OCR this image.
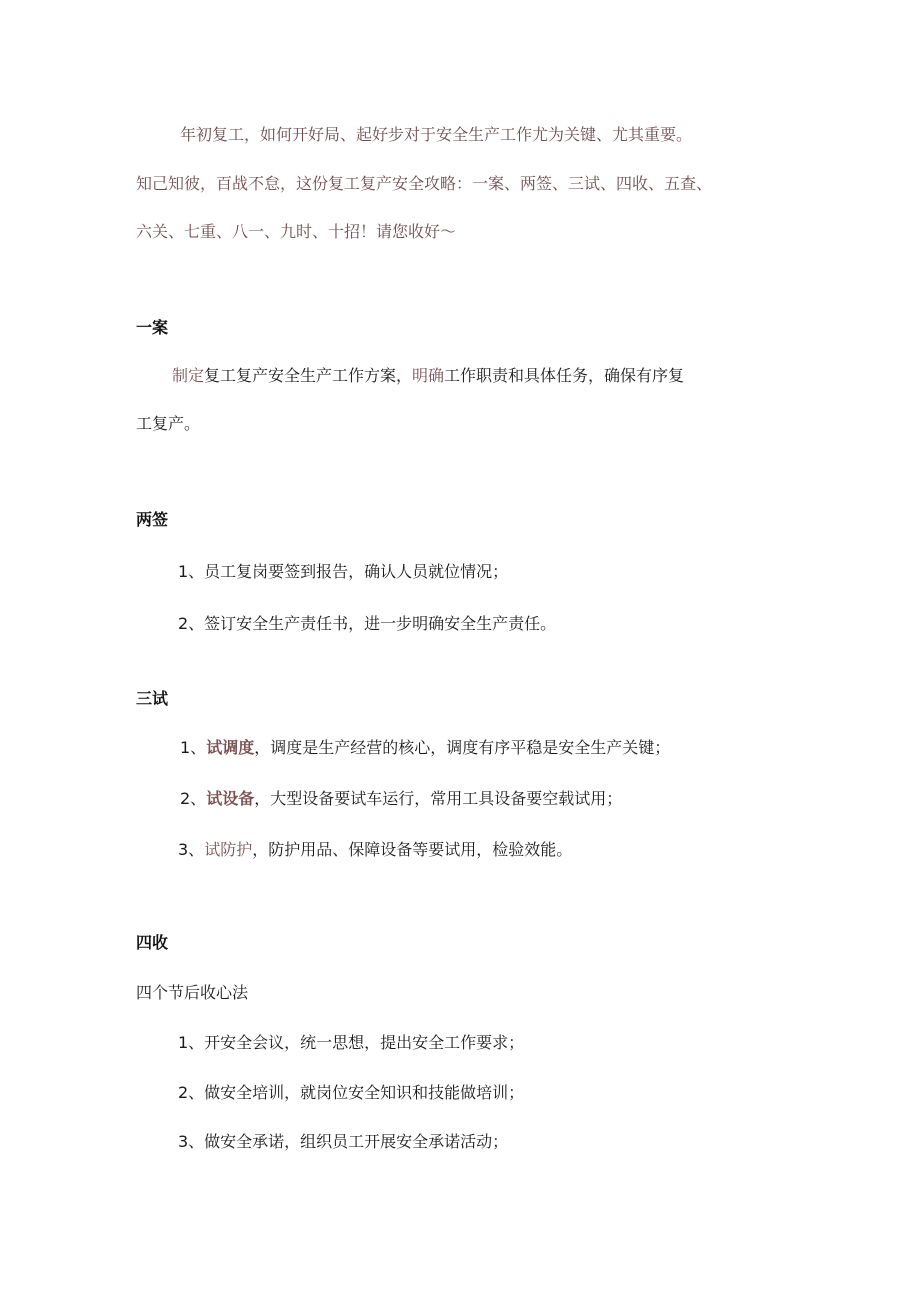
年初复工，如何开好局、起好步对于安全生产工作尤为关键、尤其重要。
知己知彼，百战不怠，这份复工复产安全攻略：一案、两签、三试、四收、五查、
六关、七重、八一、九时、十招！请您收好～
一案
制定复工复产安全生产工作方案，明确工作职责和具体任务，确保有序复
工复产。
两签
1、员工复岗要签到报告，确认人员就位情况；
2、签订安全生产责任书，进一步明确安全生产责任。
三试
1、试调度，调度是生产经营的核心，调度有序平稳是安全生产关键；
2、试设备，大型设备要试车运行，常用工具设备要空载试用；
3、试防护，防护用品、保障设备等要试用，检验效能。
四收
四个节后收心法
1、开安全会议，统一思想，提出安全工作要求；
2、做安全培训，就岗位安全知识和技能做培训；
3、做安全承诺，组织员工开展安全承诺活动；
